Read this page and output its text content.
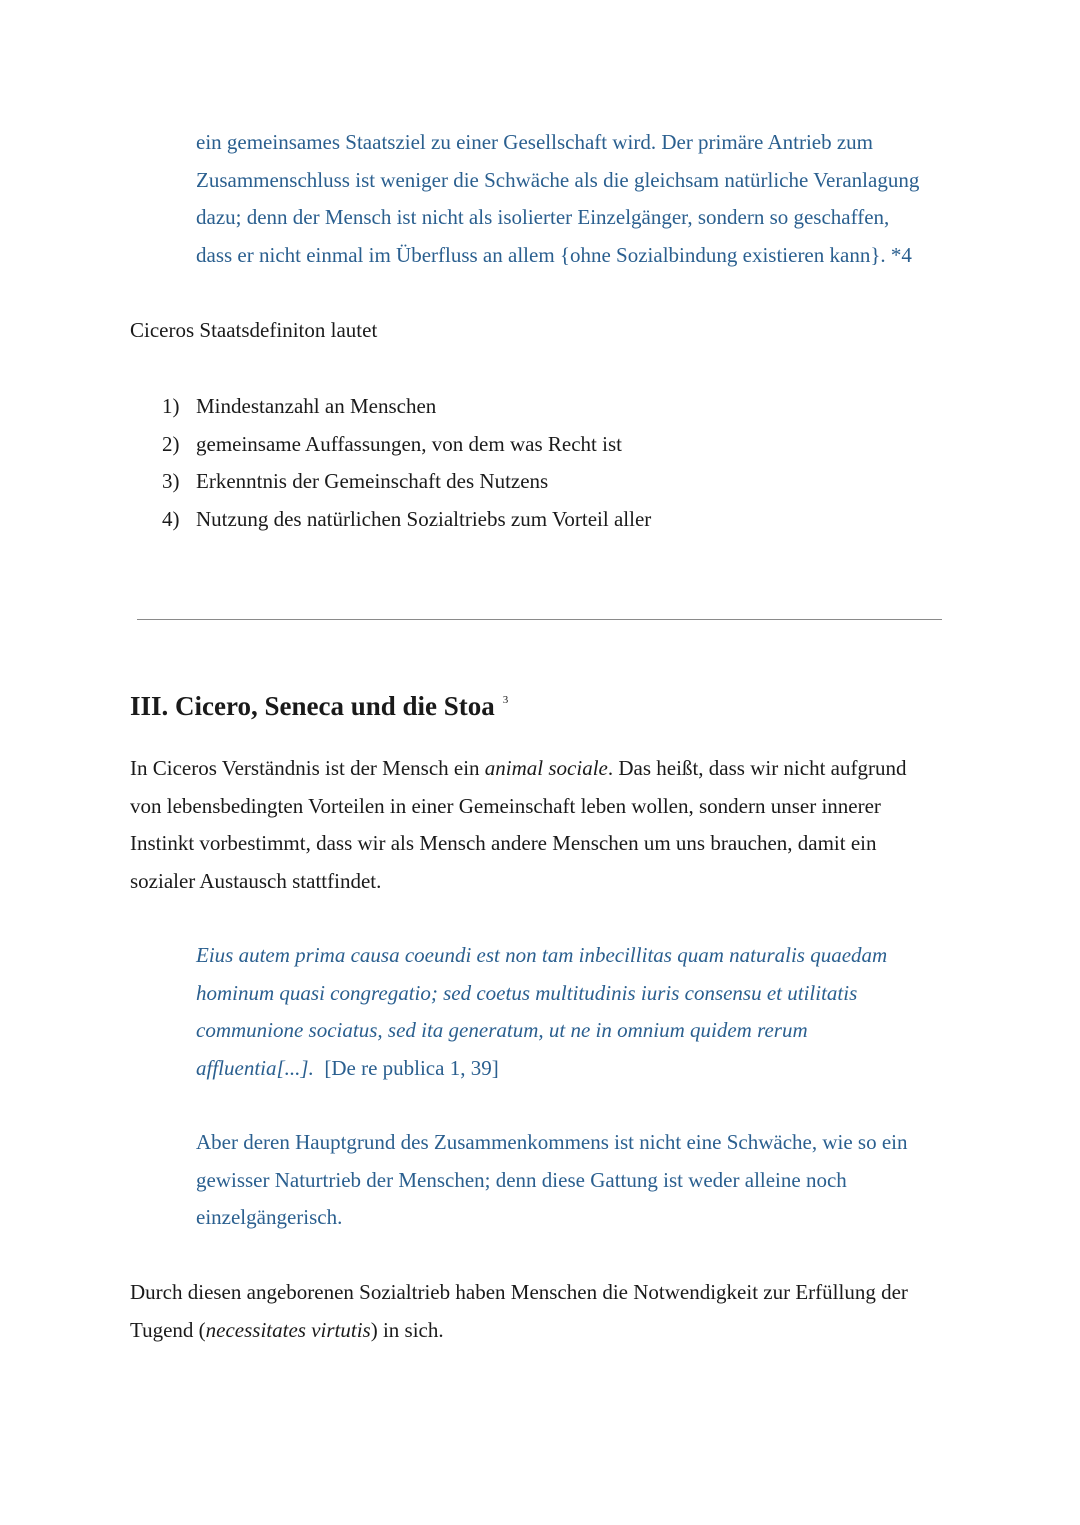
ein gemeinsames Staatsziel zu einer Gesellschaft wird. Der primäre Antrieb zum
Zusammenschluss ist weniger die Schwäche als die gleichsam natürliche Veranlagung
dazu; denn der Mensch ist nicht als isolierter Einzelgänger, sondern so geschaffen,
dass er nicht einmal im Überfluss an allem {ohne Sozialbindung existieren kann}. *4
Ciceros Staatsdefiniton lautet
1) Mindestanzahl an Menschen
2) gemeinsame Auffassungen, von dem was Recht ist
3) Erkenntnis der Gemeinschaft des Nutzens
4) Nutzung des natürlichen Sozialtriebs zum Vorteil aller
III. Cicero, Seneca und die Stoa $^3$
In Ciceros Verständnis ist der Mensch ein animal sociale. Das heißt, dass wir nicht aufgrund
von lebensbedingten Vorteilen in einer Gemeinschaft leben wollen, sondern unser innerer
Instinkt vorbestimmt, dass wir als Mensch andere Menschen um uns brauchen, damit ein
sozialer Austausch stattfindet.
Eius autem prima causa coeundi est non tam inbecillitas quam naturalis quaedam
hominum quasi congregatio; sed coetus multitudinis iuris consensu et utilitatis
communione sociatus, sed ita generatum, ut ne in omnium quidem rerum
affluentia[...]. [De re publica 1, 39]
Aber deren Hauptgrund des Zusammenkommens ist nicht eine Schwäche, wie so ein
gewisser Naturtrieb der Menschen; denn diese Gattung ist weder alleine noch
einzelgängerisch.
Durch diesen angeborenen Sozialtrieb haben Menschen die Notwendigkeit zur Erfüllung der
Tugend (necessitates virtutis) in sich.
